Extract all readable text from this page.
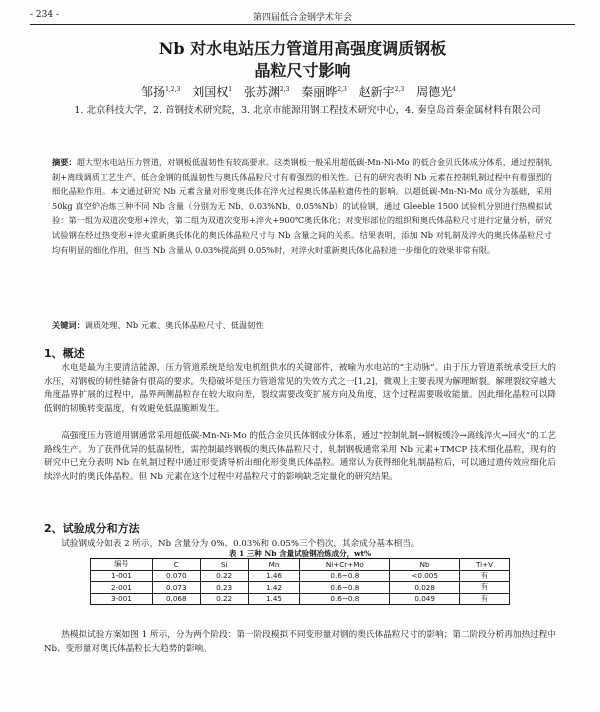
- 234 -	第四届低合金钢学术年会
Nb 对水电站压力管道用高强度调质钢板
晶粒尺寸影响
邹扬$^{1,2,3}$ 刘国权$^1$ 张苏渊$^{2,3}$ 秦丽晔$^{2,3}$ 赵新宇$^{2,3}$ 周德光$^4$
1. 北京科技大学，2. 首钢技术研究院，3. 北京市能源用钢工程技术研究中心，4. 秦皇岛首秦金属材料有限公司
摘要：超大型水电站压力管道，对钢板低温韧性有较高要求。这类钢板一般采用超低碳-Mn-Ni-Mo 的低合金贝氏体成分体系，通过控制轧制+离线调质工艺生产。低合金钢的低温韧性与奥氏体晶粒尺寸有着强烈的相关性。已有的研究表明 Nb 元素在控制轧制过程中有着强烈的细化晶粒作用。本文通过研究 Nb 元素含量对形变奥氏体在淬火过程奥氏体晶粒遗传性的影响。以超低碳-Mn-Ni-Mo 成分为基础，采用 50kg 真空炉冶炼三种不同 Nb 含量（分别为无 Nb、0.03%Nb、0.05%Nb）的试验钢，通过 Gleeble 1500 试验机分别进行热模拟试验：第一组为双道次变形+淬火，第二组为双道次变形+淬火+900℃奥氏体化；对变形部位的组织和奥氏体晶粒尺寸进行定量分析，研究试验钢在经过热变形+淬火重新奥氏体化的奥氏体晶粒尺寸与 Nb 含量之间的关系。结果表明，添加 Nb 对轧制及淬火的奥氏体晶粒尺寸均有明显的细化作用，但当 Nb 含量从 0.03%提高到 0.05%时，对淬火时重新奥氏体化晶粒进一步细化的效果非常有限。
关键词：调质处理、Nb 元素、奥氏体晶粒尺寸、低温韧性
1、概述

水电是最为主要清洁能源，压力管道系统是给发电机组供水的关键部件，被喻为水电站的“主动脉”。由于压力管道系统承受巨大的水压，对钢板的韧性储备有很高的要求。失稳破坏是压力管道常见的失效方式之一[1,2]，微观上主要表现为解理断裂。解理裂纹穿越大角度晶界扩展的过程中，晶界两侧晶粒存在较大取向差，裂纹需要改变扩展方向及角度，这个过程需要吸收能量。因此细化晶粒可以降低钢的韧脆转变温度，有效避免低温脆断发生。

高强度压力管道用钢通常采用超低碳-Mn-Ni-Mo 的低合金贝氏体钢成分体系，通过“控制轧制→钢板缓冷→离线淬火→回火”的工艺路线生产。为了获得优异的低温韧性，需控制最终钢板的奥氏体晶粒尺寸，轧制钢板通常采用 Nb 元素+TMCP 技术细化晶粒，现有的研究中已充分表明 Nb 在轧制过程中通过形变诱导析出细化形变奥氏体晶粒。通常认为获得细化轧制晶粒后，可以通过遗传效应细化后续淬火时的奥氏体晶粒。但 Nb 元素在这个过程中对晶粒尺寸的影响缺乏定量化的研究结果。

2、试验成分和方法

试验钢成分如表 2 所示，Nb 含量分为 0%、0.03%和 0.05%三个档次，其余成分基本相当。

表 1 三种 Nb 含量试验钢冶炼成分，wt%
编号	C	Si	Mn	Ni+Cr+Mo	Nb	Ti+V
1-001	0.070	0.22	1.46	0.6~0.8	<0.005	有
2-001	0.073	0.23	1.42	0.6~0.8	0.028	有
3-001	0.068	0.22	1.45	0.6~0.8	0.049	有

热模拟试验方案如图 1 所示，分为两个阶段：第一阶段模拟不同变形量对钢的奥氏体晶粒尺寸的影响；第二阶段分析再加热过程中 Nb、变形量对奥氏体晶粒长大趋势的影响。
